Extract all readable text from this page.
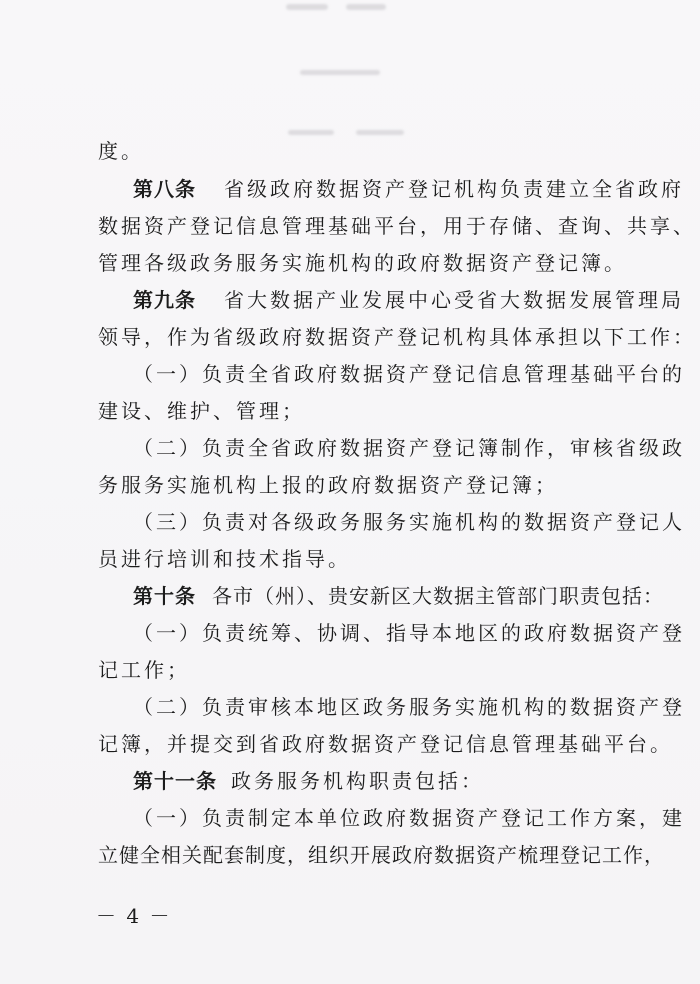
度。
第八条 省级政府数据资产登记机构负责建立全省政府
数据资产登记信息管理基础平台，用于存储、查询、共享、
管理各级政务服务实施机构的政府数据资产登记簿。
第九条 省大数据产业发展中心受省大数据发展管理局
领导，作为省级政府数据资产登记机构具体承担以下工作：
（一）负责全省政府数据资产登记信息管理基础平台的
建设、维护、管理；
（二）负责全省政府数据资产登记簿制作，审核省级政
务服务实施机构上报的政府数据资产登记簿；
（三）负责对各级政务服务实施机构的数据资产登记人
员进行培训和技术指导。
第十条 各市（州）、贵安新区大数据主管部门职责包括：
（一）负责统筹、协调、指导本地区的政府数据资产登
记工作；
（二）负责审核本地区政务服务实施机构的数据资产登
记簿，并提交到省政府数据资产登记信息管理基础平台。
第十一条 政务服务机构职责包括：
（一）负责制定本单位政府数据资产登记工作方案，建
立健全相关配套制度，组织开展政府数据资产梳理登记工作，
－ 4 －
